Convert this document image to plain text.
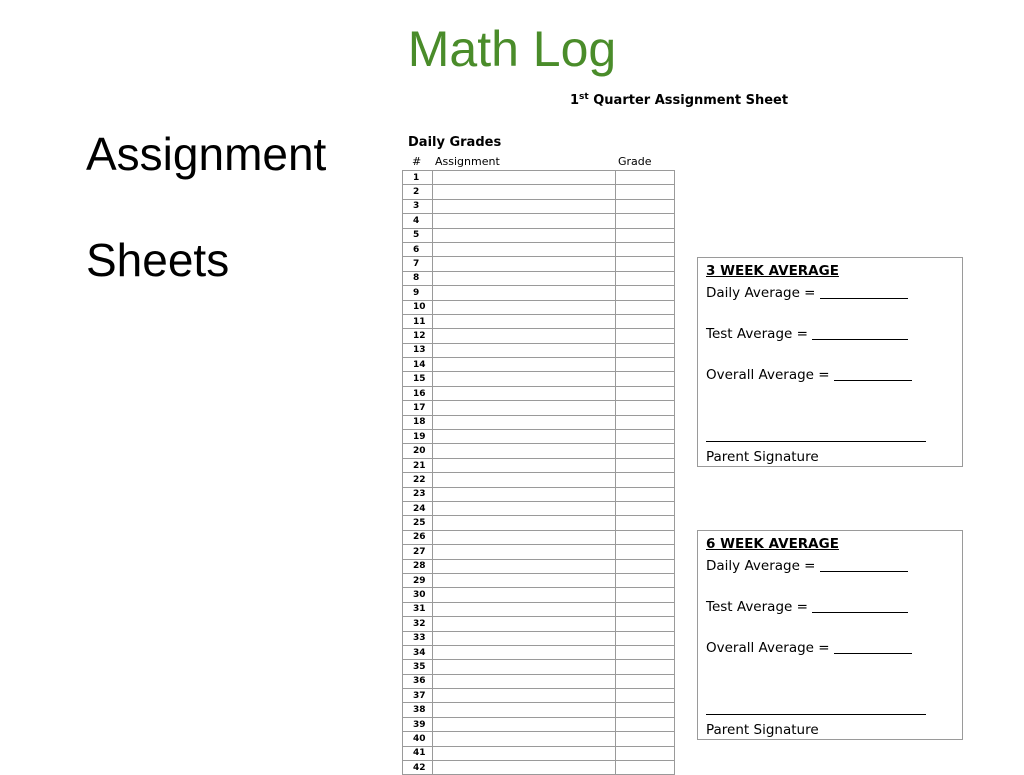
Math Log
Assignment
Sheets
1st Quarter Assignment Sheet
Daily Grades
# Assignment	Grade
1		
2		
3		
4		
5		
6		
7		
8		
9		
10		
11		
12		
13		
14		
15		
16		
17		
18		
19		
20		
21		
22		
23		
24		
25		
26		
27		
28		
29		
30		
31		
32		
33		
34		
35		
36		
37		
38		
39		
40		
41		
42		
3 WEEK AVERAGE
Daily Average =
Test Average =
Overall Average =
Parent Signature
6 WEEK AVERAGE
Daily Average =
Test Average =
Overall Average =
Parent Signature
